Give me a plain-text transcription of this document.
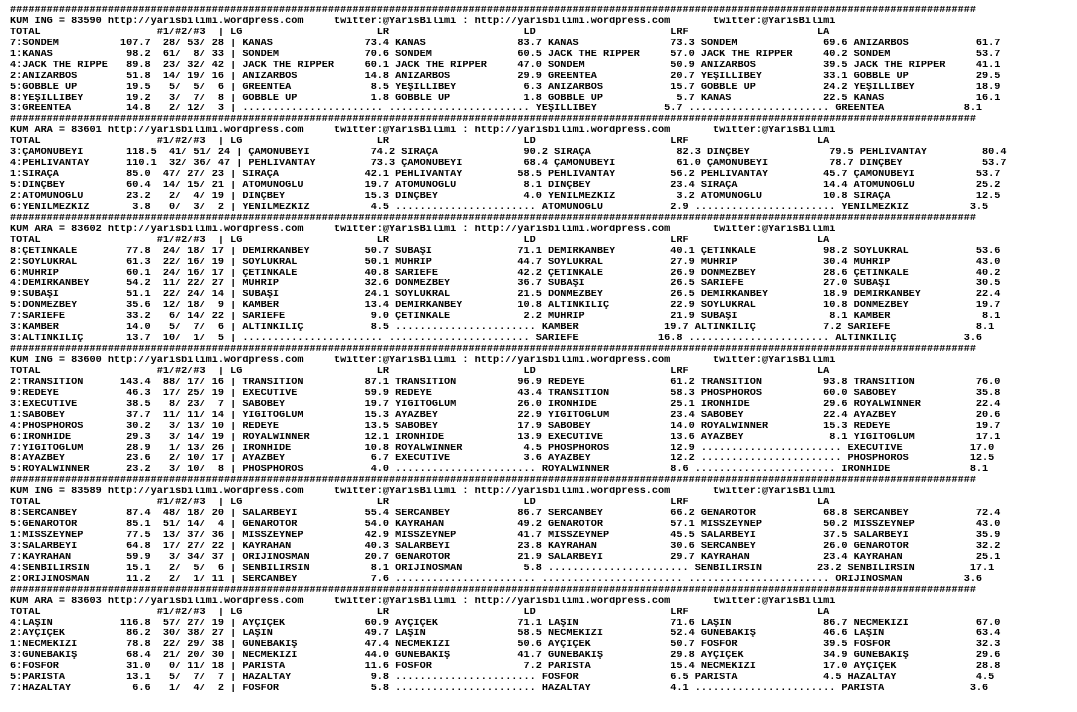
##############################################################################################################################################################
KUM İNG = 83590 http://yarisbilimi.wordpress.com     twitter:@YarisBilimi : http://yarisbilimi.wordpress.com       twitter:@YarisBilimi
TOTAL                   #1/#2/#3  | LG                      LR                      LD                      LRF                     LA
7:SONDEM          107.7  28/ 53/ 28 | KANAS               73.4 KANAS               83.7 KANAS               73.3 SONDEM              69.6 ANIZARBOS           61.7
1:KANAS            98.2  61/  8/ 33 | SONDEM              70.6 SONDEM              60.5 JACK THE RIPPER     57.0 JACK THE RIPPER     40.2 SONDEM              53.7
4:JACK THE RIPPE   89.8  23/ 32/ 42 | JACK THE RIPPER     60.1 JACK THE RIPPER     47.0 SONDEM              50.9 ANIZARBOS           39.5 JACK THE RIPPER     41.1
2:ANIZARBOS        51.8  14/ 19/ 16 | ANIZARBOS           14.8 ANIZARBOS           29.9 GREENTEA            20.7 YEŞİLLİBEY          33.1 GOBBLE UP           29.5
5:GOBBLE UP        19.5   5/  5/  6 | GREENTEA             8.5 YEŞİLLİBEY           6.3 ANIZARBOS           15.7 GOBBLE UP           24.2 YEŞİLLİBEY          18.9
8:YEŞİLLİBEY       19.2   3/  7/  8 | GOBBLE UP            1.8 GOBBLE UP            1.8 GOBBLE UP            5.7 KANAS               22.5 KANAS               16.1
3:GREENTEA         14.8   2/ 12/  3 | ....................... ....................... YEŞİLLİBEY           5.7 ....................... GREENTEA             8.1
##############################################################################################################################################################
KUM ARA = 83601 http://yarisbilimi.wordpress.com     twitter:@YarisBilimi : http://yarisbilimi.wordpress.com       twitter:@YarisBilimi
TOTAL                   #1/#2/#3  | LG                      LR                      LD                      LRF                     LA
3:ÇAMÖNÜBEYİ       118.5  41/ 51/ 24 | ÇAMÖNÜBEYİ          74.2 SIRAÇA              90.2 SIRAÇA              82.3 DİNÇBEY             79.5 PEHLİVANTAY         80.4
4:PEHLİVANTAY      110.1  32/ 36/ 47 | PEHLİVANTAY         73.3 ÇAMÖNÜBEYİ          68.4 ÇAMÖNÜBEYİ          61.0 ÇAMÖNÜBEYİ          78.7 DİNÇBEY             53.7
1:SIRAÇA           85.0  47/ 27/ 23 | SIRAÇA              42.1 PEHLİVANTAY         58.5 PEHLİVANTAY         56.2 PEHLİVANTAY         45.7 ÇAMÖNÜBEYİ          53.7
5:DİNÇBEY          60.4  14/ 15/ 21 | ATOMUNOĞLU          19.7 ATOMUNOĞLU           8.1 DİNÇBEY             23.4 SIRAÇA              14.4 ATOMUNOĞLU          25.2
2:ATOMUNOĞLU       23.2   2/  4/ 19 | DİNÇBEY             15.3 DİNÇBEY              4.0 YENİLMEZKIZ          3.2 ATOMUNOĞLU          10.8 SIRAÇA              12.5
6:YENİLMEZKIZ       3.8   0/  3/  2 | YENİLMEZKIZ          4.5 ....................... ATOMUNOĞLU           2.9 ....................... YENİLMEZKIZ          3.5
##############################################################################################################################################################
KUM ARA = 83602 http://yarisbilimi.wordpress.com     twitter:@YarisBilimi : http://yarisbilimi.wordpress.com       twitter:@YarisBilimi
TOTAL                   #1/#2/#3  | LG                      LR                      LD                      LRF                     LA
8:ÇETİNKALE        77.8  24/ 18/ 17 | DEMİRKANBEY         50.7 SUBAŞI              71.1 DEMİRKANBEY         40.1 ÇETİNKALE           98.2 SOYLUKRAL           53.6
2:SOYLUKRAL        61.3  22/ 16/ 19 | SOYLUKRAL           50.1 MUHRİP              44.7 SOYLUKRAL           27.9 MUHRİP              30.4 MUHRİP              43.0
6:MUHRİP           60.1  24/ 16/ 17 | ÇETİNKALE           40.8 SARIEFE             42.2 ÇETİNKALE           26.9 DÖNMEZBEY           28.6 ÇETİNKALE           40.2
4:DEMİRKANBEY      54.2  11/ 22/ 27 | MUHRİP              32.6 DÖNMEZBEY           36.7 SUBAŞI              26.5 SARIEFE             27.0 SUBAŞI              30.5
9:SUBAŞI           51.1  22/ 24/ 14 | SUBAŞI              24.1 SOYLUKRAL           21.5 DÖNMEZBEY           26.5 DEMİRKANBEY         18.9 DEMİRKANBEY         22.4
5:DÖNMEZBEY        35.6  12/ 18/  9 | KAMBER              13.4 DEMİRKANBEY         10.8 ALTINKILIÇ          22.9 SOYLUKRAL           10.8 DÖNMEZBEY           19.7
7:SARIEFE          33.2   6/ 14/ 22 | SARIEFE              9.0 ÇETİNKALE            2.2 MUHRİP              21.9 SUBAŞI               8.1 KAMBER               8.1
3:KAMBER           14.0   5/  7/  6 | ALTINKILIÇ           8.5 ....................... KAMBER              19.7 ALTINKILIÇ           7.2 SARIEFE              8.1
3:ALTINKILIÇ       13.7  10/  1/  5 | ....................... ....................... SARIEFE             16.8 ....................... ALTINKILIÇ           3.6
##############################################################################################################################################################
KUM İNG = 83600 http://yarisbilimi.wordpress.com     twitter:@YarisBilimi : http://yarisbilimi.wordpress.com       twitter:@YarisBilimi
TOTAL                   #1/#2/#3  | LG                      LR                      LD                      LRF                     LA
2:TRANSITION      143.4  88/ 17/ 16 | TRANSITION          87.1 TRANSITION          96.9 REDEYE              61.2 TRANSITION          93.8 TRANSITION          76.0
9:REDEYE           46.3  17/ 25/ 19 | EXECUTIVE           59.9 REDEYE              43.4 TRANSITION          58.3 PHOSPHOROS          60.0 SABOBEY             35.8
3:EXECUTIVE        38.5   8/ 23/  7 | SABOBEY             19.7 YİĞİTOĞLUM          26.0 IRONHIDE            25.1 IRONHIDE            29.6 ROYALWINNER         22.4
1:SABOBEY          37.7  11/ 11/ 14 | YİĞİTOĞLUM          15.3 AYAZBEY             22.9 YİĞİTOĞLUM          23.4 SABOBEY             22.4 AYAZBEY             20.6
4:PHOSPHOROS       30.2   3/ 13/ 10 | REDEYE              13.5 SABOBEY             17.9 SABOBEY             14.0 ROYALWINNER         15.3 REDEYE              19.7
6:IRONHIDE         29.3   3/ 14/ 19 | ROYALWINNER         12.1 IRONHIDE            13.9 EXECUTIVE           13.6 AYAZBEY              8.1 YİĞİTOĞLUM          17.1
7:YİĞİTOĞLUM       28.9   1/ 13/ 26 | IRONHIDE            10.8 ROYALWINNER          4.5 PHOSPHOROS          12.9 ....................... EXECUTIVE           17.0
8:AYAZBEY          23.6   2/ 10/ 17 | AYAZBEY              6.7 EXECUTIVE            3.6 AYAZBEY             12.2 ....................... PHOSPHOROS          12.5
5:ROYALWINNER      23.2   3/ 10/  8 | PHOSPHOROS           4.0 ....................... ROYALWINNER          8.6 ....................... IRONHIDE             8.1
##############################################################################################################################################################
KUM İNG = 83589 http://yarisbilimi.wordpress.com     twitter:@YarisBilimi : http://yarisbilimi.wordpress.com       twitter:@YarisBilimi
TOTAL                   #1/#2/#3  | LG                      LR                      LD                      LRF                     LA
8:SERCANBEY        87.4  48/ 18/ 20 | SALARBEYİ           55.4 SERCANBEY           86.7 SERCANBEY           66.2 GENAROTOR           68.8 SERCANBEY           72.4
5:GENAROTOR        85.1  51/ 14/  4 | GENAROTOR           54.0 KAYRAHAN            49.2 GENAROTOR           57.1 MISSZEYNEP          50.2 MISSZEYNEP          43.0
1:MISSZEYNEP       77.5  13/ 37/ 36 | MISSZEYNEP          42.9 MISSZEYNEP          41.7 MISSZEYNEP          45.5 SALARBEYİ           37.5 SALARBEYİ           35.9
3:SALARBEYİ        64.8  17/ 27/ 22 | KAYRAHAN            40.3 SALARBEYİ           23.8 KAYRAHAN            30.6 SERCANBEY           26.0 GENAROTOR           32.2
7:KAYRAHAN         59.9   3/ 34/ 37 | ORİJİNOSMAN         20.7 GENAROTOR           21.9 SALARBEYİ           29.7 KAYRAHAN            23.4 KAYRAHAN            25.1
4:SENBİLİRSİN      15.1   2/  5/  6 | SENBİLİRSİN          8.1 ORİJİNOSMAN          5.8 ....................... SENBİLİRSİN         23.2 SENBİLİRSİN         17.1
2:ORİJİNOSMAN      11.2   2/  1/ 11 | SERCANBEY            7.6 ....................... ....................... ....................... ORİJİNOSMAN          3.6
##############################################################################################################################################################
KUM ARA = 83603 http://yarisbilimi.wordpress.com     twitter:@YarisBilimi : http://yarisbilimi.wordpress.com       twitter:@YarisBilimi
TOTAL                   #1/#2/#3  | LG                      LR                      LD                      LRF                     LA
4:LAŞİN           116.8  57/ 27/ 19 | AYÇİÇEK             60.9 AYÇİÇEK             71.1 LAŞİN               71.6 LAŞİN               86.7 NECMEKİZİ           67.0
2:AYÇİÇEK          86.2  30/ 38/ 27 | LAŞİN               49.7 LAŞİN               58.5 NECMEKİZİ           52.4 GÜNEBAKIŞ           46.6 LAŞİN               63.4
1:NECMEKİZİ        78.8  22/ 29/ 38 | GÜNEBAKIŞ           47.4 NECMEKİZİ           50.6 AYÇİÇEK             50.7 FOSFOR              39.5 FOSFOR              32.3
3:GÜNEBAKIŞ        68.4  21/ 20/ 30 | NECMEKİZİ           44.0 GÜNEBAKIŞ           41.7 GÜNEBAKIŞ           29.8 AYÇİÇEK             34.9 GÜNEBAKIŞ           29.6
6:FOSFOR           31.0   0/ 11/ 18 | PARISTA             11.6 FOSFOR               7.2 PARISTA             15.4 NECMEKİZİ           17.0 AYÇİÇEK             28.8
5:PARISTA          13.1   5/  7/  7 | HAZALTAY             9.8 ....................... FOSFOR               6.5 PARISTA              4.5 HAZALTAY             4.5
7:HAZALTAY          6.6   1/  4/  2 | FOSFOR               5.8 ....................... HAZALTAY             4.1 ....................... PARISTA              3.6
